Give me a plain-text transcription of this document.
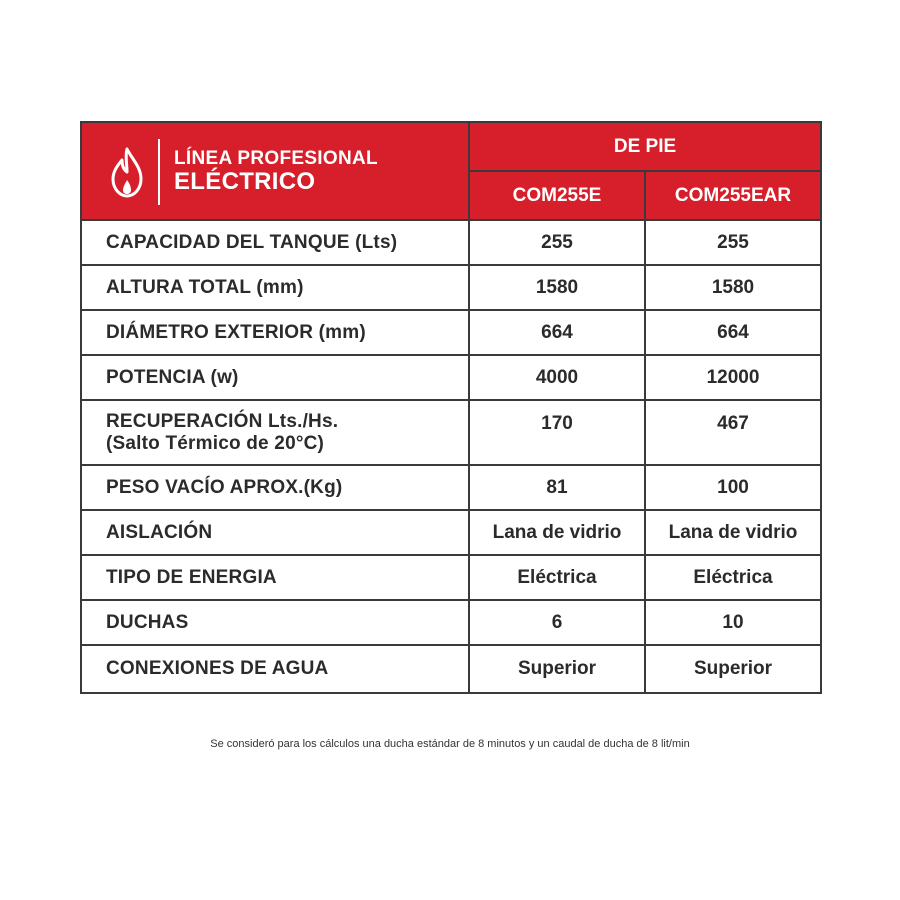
LÍNEA PROFESIONAL
ELÉCTRICO	DE PIE	
	COM255E	COM255EAR
CAPACIDAD DEL TANQUE (Lts)	255	255
ALTURA TOTAL (mm)	1580	1580
DIÁMETRO EXTERIOR (mm)	664	664
POTENCIA (w)	4000	12000

RECUPERACIÓN Lts./Hs.
(Salto Térmico de 20°C)	170	467
PESO VACÍO APROX.(Kg)	81	100
AISLACIÓN	Lana de vidrio	Lana de vidrio
TIPO DE ENERGIA	Eléctrica	Eléctrica
DUCHAS	6	10
CONEXIONES DE AGUA	Superior	Superior
Se consideró para los cálculos una ducha estándar de 8 minutos y un caudal de ducha de 8 lit/min
